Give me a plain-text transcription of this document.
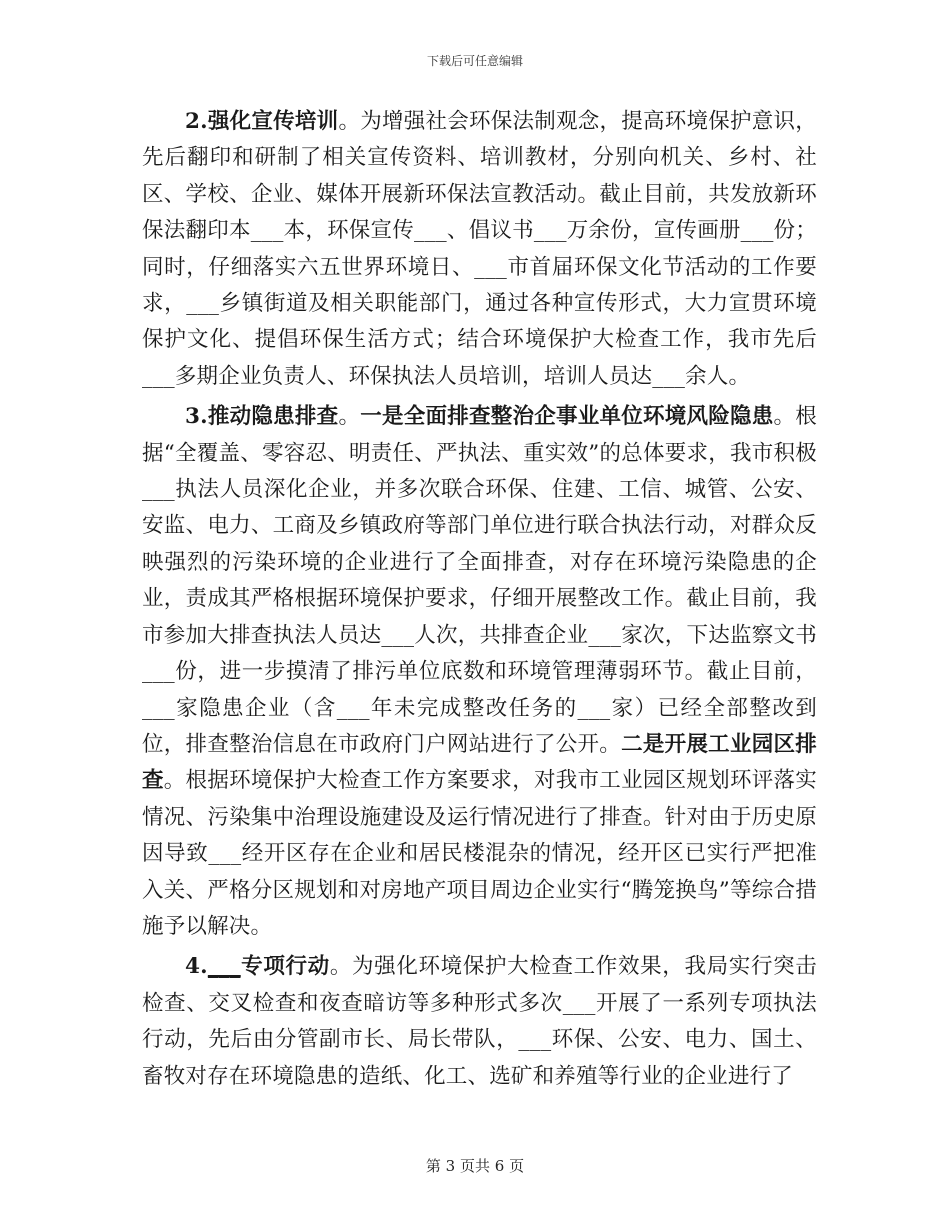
下载后可任意编辑

2.强化宣传培训。为增强社会环保法制观念，提高环境保护意识，先后翻印和研制了相关宣传资料、培训教材，分别向机关、乡村、社区、学校、企业、媒体开展新环保法宣教活动。截止目前，共发放新环保法翻印本___本，环保宣传___、倡议书___万余份，宣传画册___份；同时，仔细落实六五世界环境日、___市首届环保文化节活动的工作要求，___乡镇街道及相关职能部门，通过各种宣传形式，大力宣贯环境保护文化、提倡环保生活方式；结合环境保护大检查工作，我市先后___多期企业负责人、环保执法人员培训，培训人员达___余人。

3.推动隐患排查。一是全面排查整治企事业单位环境风险隐患。根据“全覆盖、零容忍、明责任、严执法、重实效”的总体要求，我市积极___执法人员深化企业，并多次联合环保、住建、工信、城管、公安、安监、电力、工商及乡镇政府等部门单位进行联合执法行动，对群众反映强烈的污染环境的企业进行了全面排查，对存在环境污染隐患的企业，责成其严格根据环境保护要求，仔细开展整改工作。截止目前，我市参加大排查执法人员达___人次，共排查企业___家次，下达监察文书___份，进一步摸清了排污单位底数和环境管理薄弱环节。截止目前，___家隐患企业（含___年未完成整改任务的___家）已经全部整改到位，排查整治信息在市政府门户网站进行了公开。二是开展工业园区排查。根据环境保护大检查工作方案要求，对我市工业园区规划环评落实情况、污染集中治理设施建设及运行情况进行了排查。针对由于历史原因导致___经开区存在企业和居民楼混杂的情况，经开区已实行严把准入关、严格分区规划和对房地产项目周边企业实行“腾笼换鸟”等综合措施予以解决。

4.___专项行动。为强化环境保护大检查工作效果，我局实行突击检查、交叉检查和夜查暗访等多种形式多次___开展了一系列专项执法行动，先后由分管副市长、局长带队，___环保、公安、电力、国土、畜牧对存在环境隐患的造纸、化工、选矿和养殖等行业的企业进行了

第 3 页共 6 页
